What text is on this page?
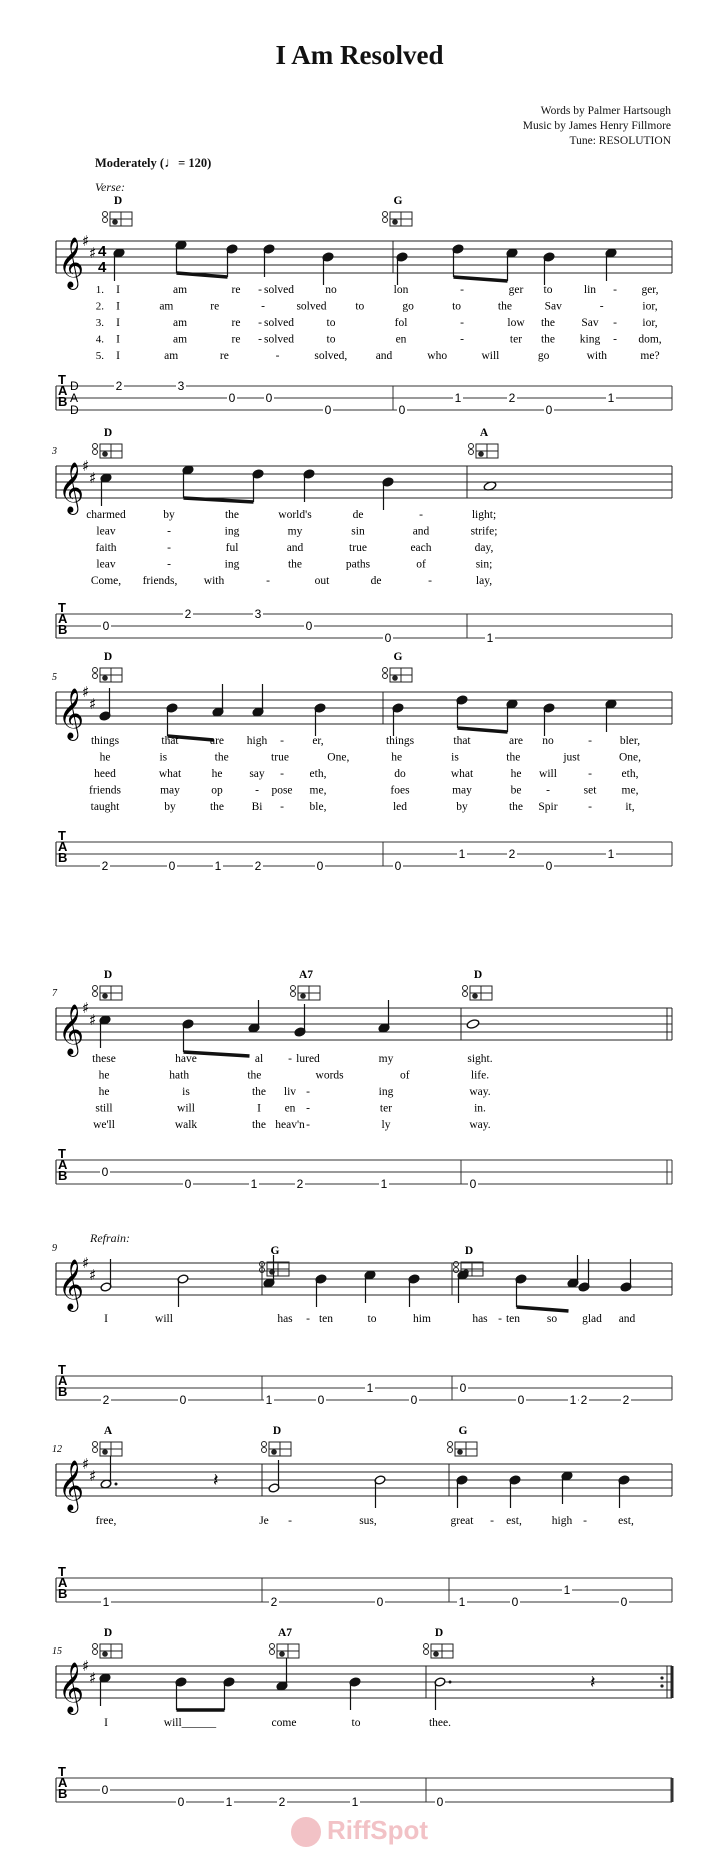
I Am Resolved
Words by Palmer Hartsough
Music by James Henry Fillmore
Tune: RESOLUTION
Moderately (♩= 120)
Verse:
Refrain:
𝄞
♯
♯ 4
4
D	G
1.
2.
3.
4.
5.
I	am	re - solved	no	lon	-	ger to	lin - ger,
I	am	re	-	solved	to	go	to	the	Sav	-	ior,
I	am	re - solved	to	fol	-	low the Sav - ior,
I	am	re - solved	to	en	-	ter the king - dom,
I	am	re	-	solved, and	who	will	go	with	me?
T
A
B
D
A
D
2	3
0	0
0	0
1	2
0
1
𝄞
♯
♯
3
D	A
charmed	by	the	world's	de	-	light;
leav	-	ing	my	sin	and	strife;
faith	-	ful	and	true	each	day,
leav	-	ing	the	paths	of	sin;
Come, friends, with	-	out	de	-	lay,
T
A
B	0
2	3
0
0	1
𝄞
♯
♯
5
D	G
things	that	are high - er,	things	that	are no	- bler,
he	is	the	true	One,	he	is	the	just	One,
heed	what	he say - eth,	do	what	he will	-	eth,
friends	may	op	- pose me,	foes	may	be -	set me,
taught	by	the Bi - ble,	led	by	the Spir	-	it,
T
A
B
2	0	1	2	0	0
1	2
0
1
𝄞
♯
♯
7
D	A7	D
these	have	al - lured	my	sight.
he	hath	the	words	of	life.
he	is	the liv -	ing	way.
still	will	I en -	ter	in.
we'll	walk	the heav'n -	ly	way.
T
A
B	0
0	1	2	1	0
𝄞
♯
♯
9	G	D
I	will	has - ten	to	him	has - ten so glad and
T
A
B
2	0	1	0
1
0
0
0	1 2	2
𝄞
♯
♯
12
A	D	G
𝄽
free,	Je -	sus,	great - est,	high -	est,
T
A
B
1	2	0	1	0
1
0
𝄞
♯
♯
15
D	A7	D
𝄽
I	will______	come	to	thee.
T
A
B	0
0	1	2	1	0
RiffSpot
